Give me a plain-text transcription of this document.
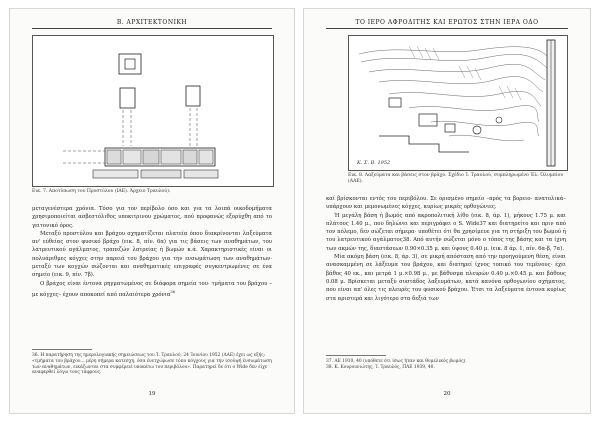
B. ΑΡΧΙΤΕΚΤΟΝΙΚΗ
Εικ. 7. Αποτύπωση του Προστύλου (ΙΑΕ). Άρχειο Τραυλού).

μεταγενέστερα χρόνια. Τόσο για τον περίβολο όσο και για τα λοιπά οικοδομήματα χρησιμοποιείται ασβεστόλιθος υποκιτρινου χρώματος, πού προφανώς εξορύχθη από το γειτονικό όρος.

Μεταξύ προστύλου και βράχου σχηματίζεται πλατεία όπου διακρίνονται λαξεύματα αν' εύθείας στον φυσικό βράχο (εικ. 8, πίν. 6α) για τις βάσεις των αναθημάτων, του λατρευτικού αγάλματος, τραπεζών λατρείας ή βωμών κ.ά. Χαρακτηριστικές είναι οι πολυάριθμες κόγχες στην παρειά του βράχου για την ενσωμάτωση των αναθημάτων· μεταξύ των κογχών σώζονται και αναθηματικές επιγραφές συγκεντρωμένες σε ένα σημείο (εικ. 9, πίν. 7β).

Ο βράχος είναι έντονα ρηγματωμένος σε διάφορα σημεία του· τμήματα του βράχου –με κόγχες– έχουν αποκοπεί από παλαιότερα χρόνια$^{36}$

36. Η παρατήρηση της ημερολογιακής σημειώσεως του Ί. Τραυλού, 24 Ίουνίου 1952 (ΑΑΕ) έχει ως εξής: «τμήματα του βράχου... μέρη σήμερα κατεσχη, όσα ένετχώρωσε τόπο κόγχους για την ίσοϋψή ένσωμάτωση των αναθημάτων, εικάζωνται στα συμφέρειέ υποκάτω του περιβόλου». Παρατηρεί δε ότι ο Wide δεν είχε αναφερθεί λόγω τους τάφρους.

19
ΤΟ ΙΕΡΟ ΑΦΡΟΔΙΤΗΣ ΚΑΙ ΕΡΩΤΟΣ ΣΤΗΝ ΙΕΡΑ ΟΔΟ
Κ. Σ. Β. 1952
Εικ. 8. Λαξεύματα και βάσεις στον βράχο. Σχέδιο Ί. Τραυλού, συμπληρωμένο Έλ. Όλυμπίου (ΑΑΕ).

καί βρίσκονται εντός του περιβόλου. Σε ορισμένο σημείο –πρός τα βορειο- ανατολικά– υπάρχουν και μεμονωμένες κόγχες, κυρίως μικρές ορθογώνιες.

Ή μεγάλη βάση ή βωμός από ακροπολιτική λίθο (εικ. 8, άρ. 1), μήκους 1.75 μ. και πλάτους 1.40 μ., που δηλώνει και περιγράφει ο S. Wide37 και διατηρείτο και πριν από τον πόλεμο, δεν σώζεται σήμερα· υποθέτει ότι θα χρησίμευε για τη στήριξη του βωμού ή του λατρευτικού αγάλματος38. Από αυτήν σώζεται μόνο ο τόπος της βάσης και τα ίχνη των ακμών της, διαστάσεων 0.90×0.35 μ. και ύψους 0.40 μ. (εικ. 8 άρ. 1, πίν. 6α-β, 7α).

Μία ακόμη βάση (εικ. 8, άρ. 3), σε μικρή απόσταση από την προηγούμενη θέση, είναι ανασκαμμένη σε λάξευμα του βράχου, και διατηρεί ίχνος τοπικό του τεμένους· έχει βάθος 40 εκ., και μετρά 1 μ.×0.98 μ., με βάθυσμα πλευρών 0.40 μ.×0.45 μ. και βάθους 0.08 μ. Βρίσκεται μεταξύ συστάδος λαξευμάτων, κατά κανόνα ορθογωνίου σχήματος, που είναι απ' όλες τις πλευρές του φυσικού βράχου. Έτσι τα λαξεύματα έντονα κυρίως στα αριστερά και λιγότερο στα δεξιά των

37. ΑΕ 1910, 40 (υπόθετε ότι ίσως ήταν και θυμελικός βωμός).

38. Κ. Κουρουνιώτης, Ί. Τραυλός, ΠΑΕ 1939, 40.

20
